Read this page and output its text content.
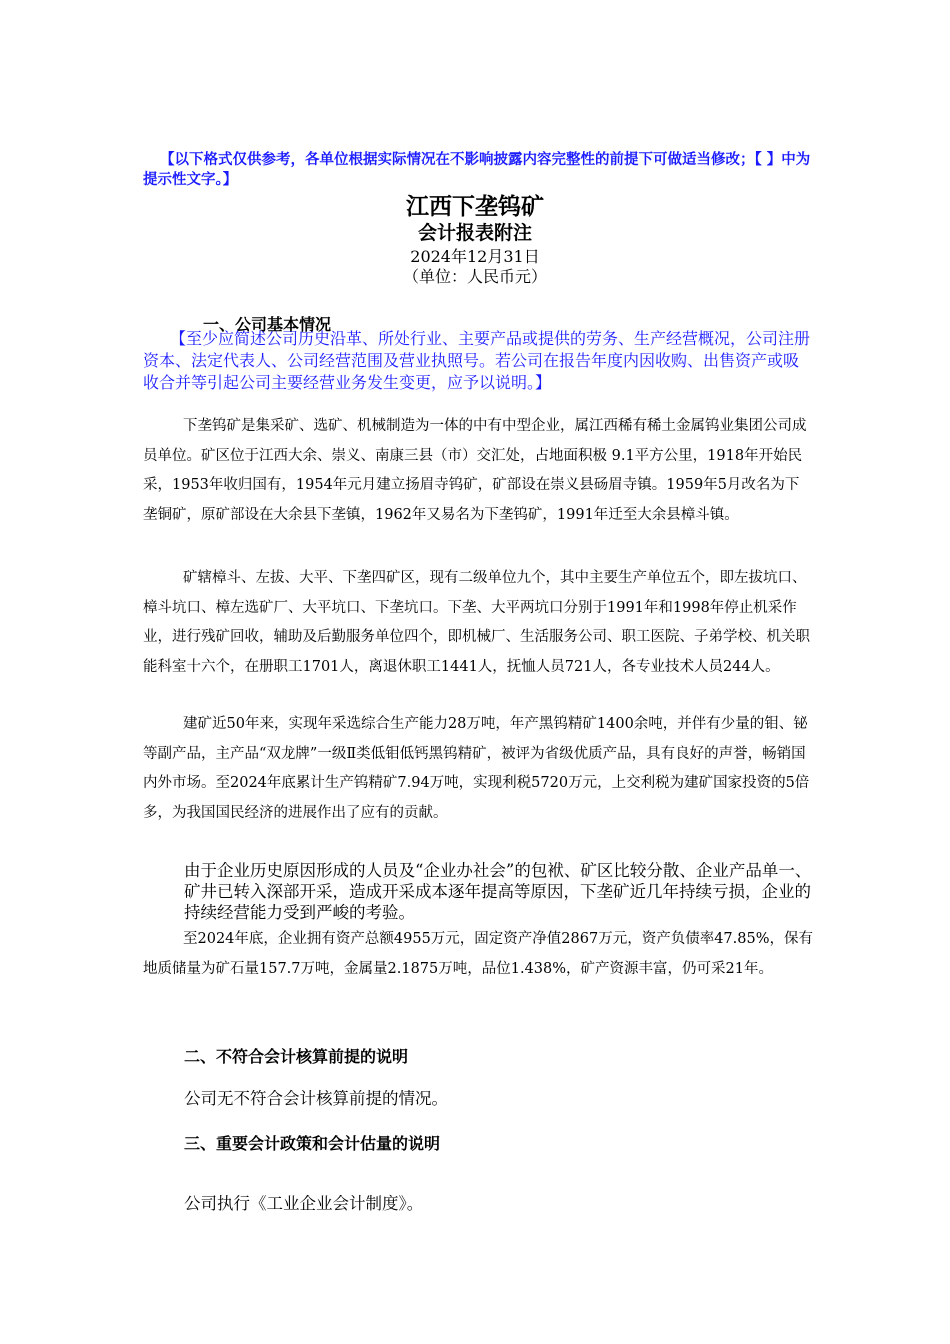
【以下格式仅供参考，各单位根据实际情况在不影响披露内容完整性的前提下可做适当修改；【 】中为提示性文字。】
江西下垄钨矿
会计报表附注
2024年12月31日
（单位：人民币元）
一、公司基本情况
【至少应简述公司历史沿革、所处行业、主要产品或提供的劳务、生产经营概况，公司注册资本、法定代表人、公司经营范围及营业执照号。若公司在报告年度内因收购、出售资产或吸收合并等引起公司主要经营业务发生变更，应予以说明。】
下垄钨矿是集采矿、选矿、机械制造为一体的中有中型企业，属江西稀有稀土金属钨业集团公司成员单位。矿区位于江西大余、崇义、南康三县（市）交汇处，占地面积极 9.1平方公里，1918年开始民采，1953年收归国有，1954年元月建立扬眉寺钨矿，矿部设在崇义县砀眉寺镇。1959年5月改名为下垄铜矿，原矿部设在大余县下垄镇，1962年又易名为下垄钨矿，1991年迁至大余县樟斗镇。
矿辖樟斗、左拔、大平、下垄四矿区，现有二级单位九个，其中主要生产单位五个，即左拔坑口、樟斗坑口、樟左选矿厂、大平坑口、下垄坑口。下垄、大平两坑口分别于1991年和1998年停止机采作业，进行残矿回收，辅助及后勤服务单位四个，即机械厂、生活服务公司、职工医院、子弟学校、机关职能科室十六个，在册职工1701人，离退休职工1441人，抚恤人员721人，各专业技术人员244人。
建矿近50年来，实现年采选综合生产能力28万吨，年产黑钨精矿1400余吨，并伴有少量的钼、铋等副产品，主产品“双龙牌”一级Ⅱ类低钼低钙黑钨精矿，被评为省级优质产品，具有良好的声誉，畅销国内外市场。至2024年底累计生产钨精矿7.94万吨，实现利税5720万元，上交利税为建矿国家投资的5倍多，为我国国民经济的进展作出了应有的贡献。
由于企业历史原因形成的人员及“企业办社会”的包袱、矿区比较分散、企业产品单一、矿井已转入深部开采，造成开采成本逐年提高等原因，下垄矿近几年持续亏损，企业的持续经营能力受到严峻的考验。
至2024年底，企业拥有资产总额4955万元，固定资产净值2867万元，资产负债率47.85%，保有地质储量为矿石量157.7万吨，金属量2.1875万吨，品位1.438%，矿产资源丰富，仍可采21年。
二、不符合会计核算前提的说明
公司无不符合会计核算前提的情况。
三、重要会计政策和会计估量的说明
公司执行《工业企业会计制度》。
